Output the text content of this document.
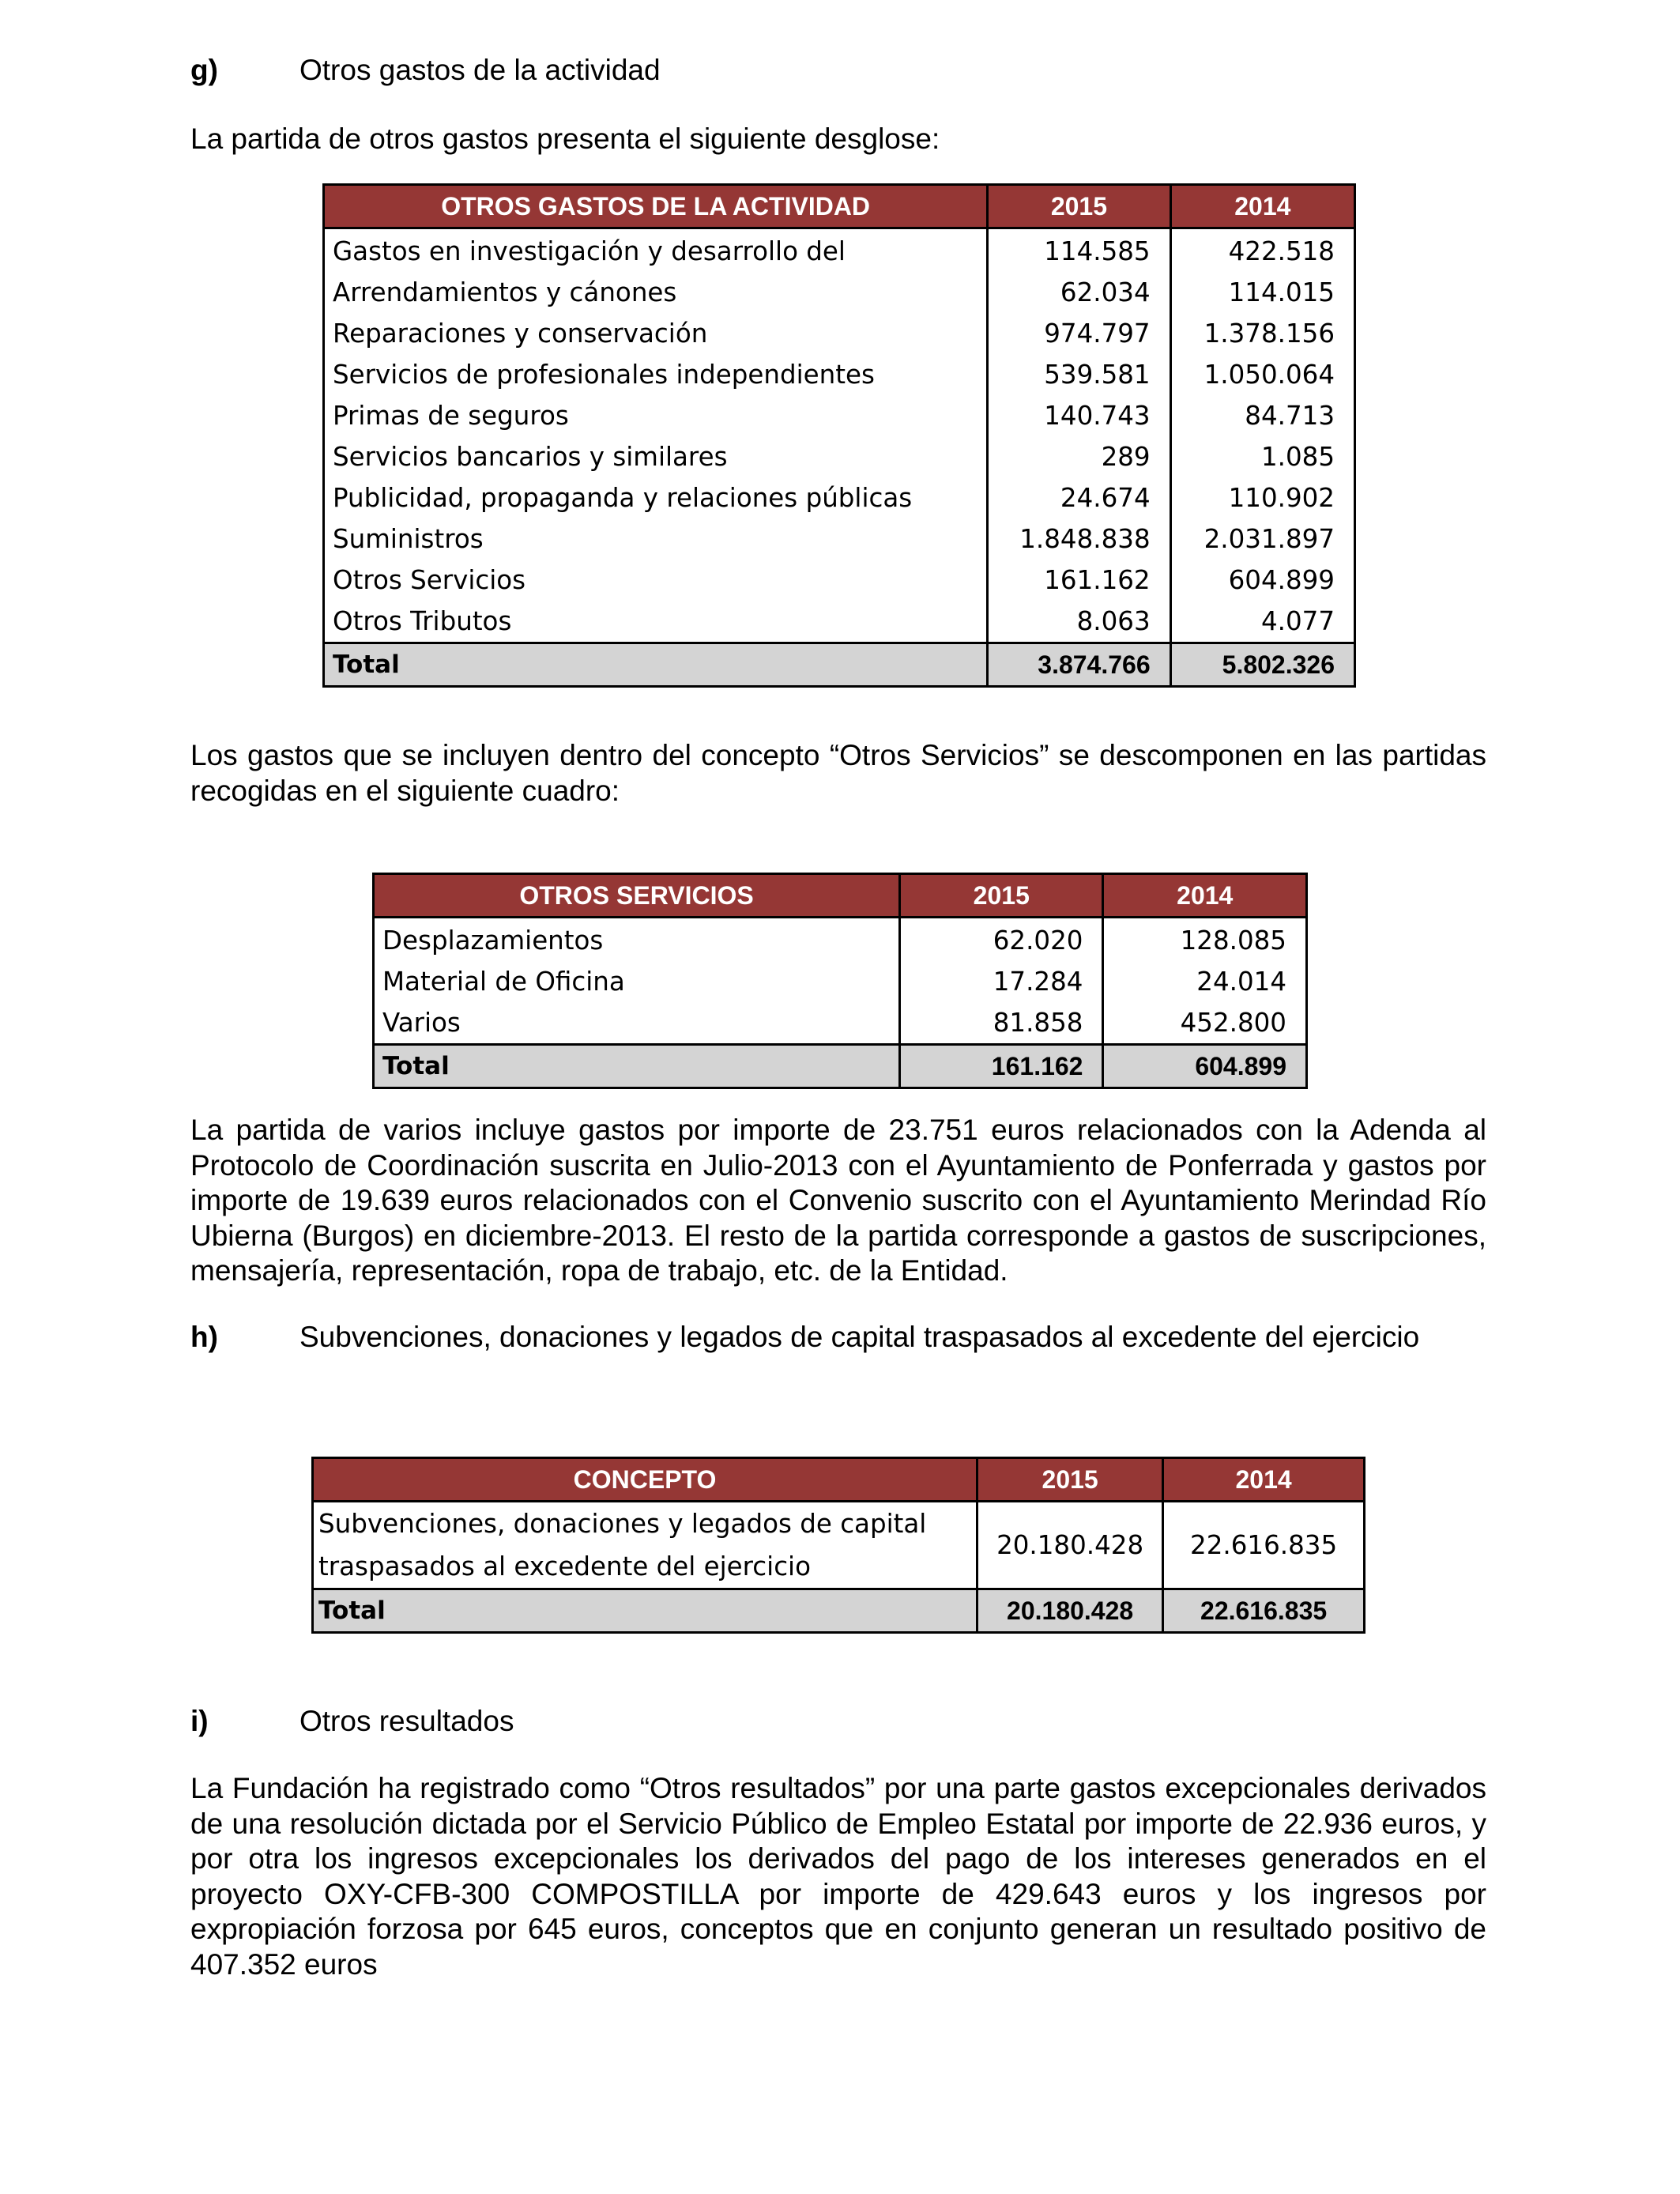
g)	Otros gastos de la actividad
La partida de otros gastos presenta el siguiente desglose:
OTROS GASTOS DE LA ACTIVIDAD	2015	2014
Gastos en investigación y desarrollo del	114.585	422.518
Arrendamientos y cánones	62.034	114.015
Reparaciones y conservación	974.797	1.378.156
Servicios de profesionales independientes	539.581	1.050.064
Primas de seguros	140.743	84.713
Servicios bancarios y similares	289	1.085
Publicidad, propaganda y relaciones públicas	24.674	110.902
Suministros	1.848.838	2.031.897
Otros Servicios	161.162	604.899
Otros Tributos	8.063	4.077
Total	3.874.766	5.802.326
Los gastos que se incluyen dentro del concepto “Otros Servicios” se descomponen en las partidas recogidas en el siguiente cuadro:
OTROS SERVICIOS	2015	2014
Desplazamientos	62.020	128.085
Material de Oficina	17.284	24.014
Varios	81.858	452.800
Total	161.162	604.899
La partida de varios incluye gastos por importe de 23.751 euros relacionados con la Adenda al Protocolo de Coordinación suscrita en Julio-2013 con el Ayuntamiento de Ponferrada y gastos por importe de 19.639 euros relacionados con el Convenio suscrito con el Ayuntamiento Merindad Río Ubierna (Burgos) en diciembre-2013. El resto de la partida corresponde a gastos de suscripciones, mensajería, representación, ropa de trabajo, etc. de la Entidad.
h)	Subvenciones, donaciones y legados de capital traspasados al excedente del ejercicio
CONCEPTO	2015	2014

Subvenciones, donaciones y legados de capital
traspasados al excedente del ejercicio	20.180.428	22.616.835
Total	20.180.428	22.616.835
i)	Otros resultados
La Fundación ha registrado como “Otros resultados” por una parte gastos excepcionales derivados de una resolución dictada por el Servicio Público de Empleo Estatal por importe de 22.936 euros, y por otra los ingresos excepcionales los derivados del pago de los intereses generados en el proyecto OXY-CFB-300 COMPOSTILLA por importe de 429.643 euros y los ingresos por expropiación forzosa por 645 euros, conceptos que en conjunto generan un resultado positivo de 407.352 euros
